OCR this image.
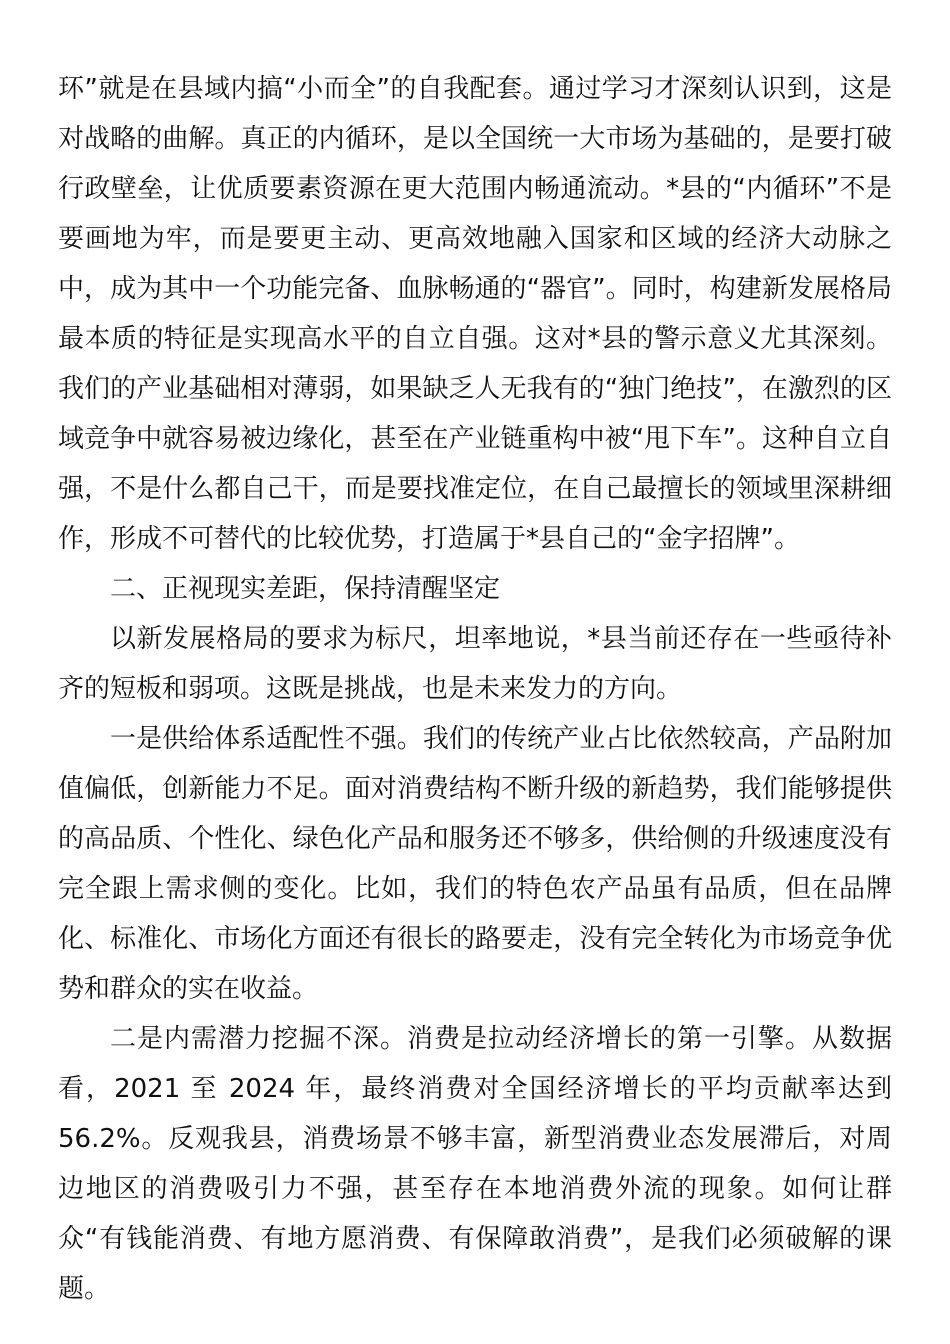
环”就是在县域内搞“小而全”的自我配套。通过学习才深刻认识到，这是对战略的曲解。真正的内循环，是以全国统一大市场为基础的，是要打破行政壁垒，让优质要素资源在更大范围内畅通流动。*县的“内循环”不是要画地为牢，而是要更主动、更高效地融入国家和区域的经济大动脉之中，成为其中一个功能完备、血脉畅通的“器官”。同时，构建新发展格局最本质的特征是实现高水平的自立自强。这对*县的警示意义尤其深刻。我们的产业基础相对薄弱，如果缺乏人无我有的“独门绝技”，在激烈的区域竞争中就容易被边缘化，甚至在产业链重构中被“甩下车”。这种自立自强，不是什么都自己干，而是要找准定位，在自己最擅长的领域里深耕细作，形成不可替代的比较优势，打造属于*县自己的“金字招牌”。

二、正视现实差距，保持清醒坚定

以新发展格局的要求为标尺，坦率地说，*县当前还存在一些亟待补齐的短板和弱项。这既是挑战，也是未来发力的方向。

一是供给体系适配性不强。我们的传统产业占比依然较高，产品附加值偏低，创新能力不足。面对消费结构不断升级的新趋势，我们能够提供的高品质、个性化、绿色化产品和服务还不够多，供给侧的升级速度没有完全跟上需求侧的变化。比如，我们的特色农产品虽有品质，但在品牌化、标准化、市场化方面还有很长的路要走，没有完全转化为市场竞争优势和群众的实在收益。

二是内需潜力挖掘不深。消费是拉动经济增长的第一引擎。从数据看，2021 至 2024 年，最终消费对全国经济增长的平均贡献率达到 56.2%。反观我县，消费场景不够丰富，新型消费业态发展滞后，对周边地区的消费吸引力不强，甚至存在本地消费外流的现象。如何让群众“有钱能消费、有地方愿消费、有保障敢消费”，是我们必须破解的课题。
